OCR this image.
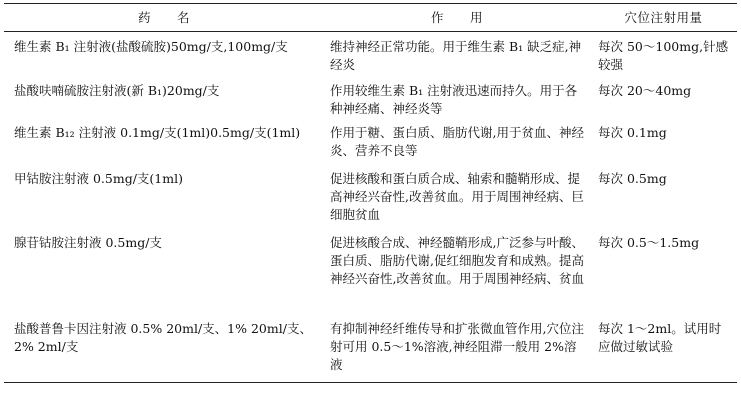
药　　名	作　　用	穴位注射用量
维生素 B₁ 注射液(盐酸硫胺)50mg/支,100mg/支	维持神经正常功能。用于维生素 B₁ 缺乏症,神经炎	每次 50～100mg,针感较强
盐酸呋喃硫胺注射液(新 B₁)20mg/支	作用较维生素 B₁ 注射液迅速而持久。用于各种神经痛、神经炎等	每次 20～40mg
维生素 B₁₂ 注射液 0.1mg/支(1ml)0.5mg/支(1ml)	作用于糖、蛋白质、脂肪代谢,用于贫血、神经炎、营养不良等	每次 0.1mg
甲钴胺注射液 0.5mg/支(1ml)	促进核酸和蛋白质合成、轴索和髓鞘形成、提高神经兴奋性,改善贫血。用于周围神经病、巨细胞贫血	每次 0.5mg
腺苷钴胺注射液 0.5mg/支	促进核酸合成、神经髓鞘形成,广泛参与叶酸、蛋白质、脂肪代谢,促红细胞发育和成熟。提高神经兴奋性,改善贫血。用于周围神经病、贫血	每次 0.5～1.5mg
盐酸普鲁卡因注射液 0.5% 20ml/支、1% 20ml/支、2% 2ml/支	有抑制神经纤维传导和扩张微血管作用,穴位注射可用 0.5～1%溶液,神经阻滞一般用 2%溶液	每次 1～2ml。试用时应做过敏试验
